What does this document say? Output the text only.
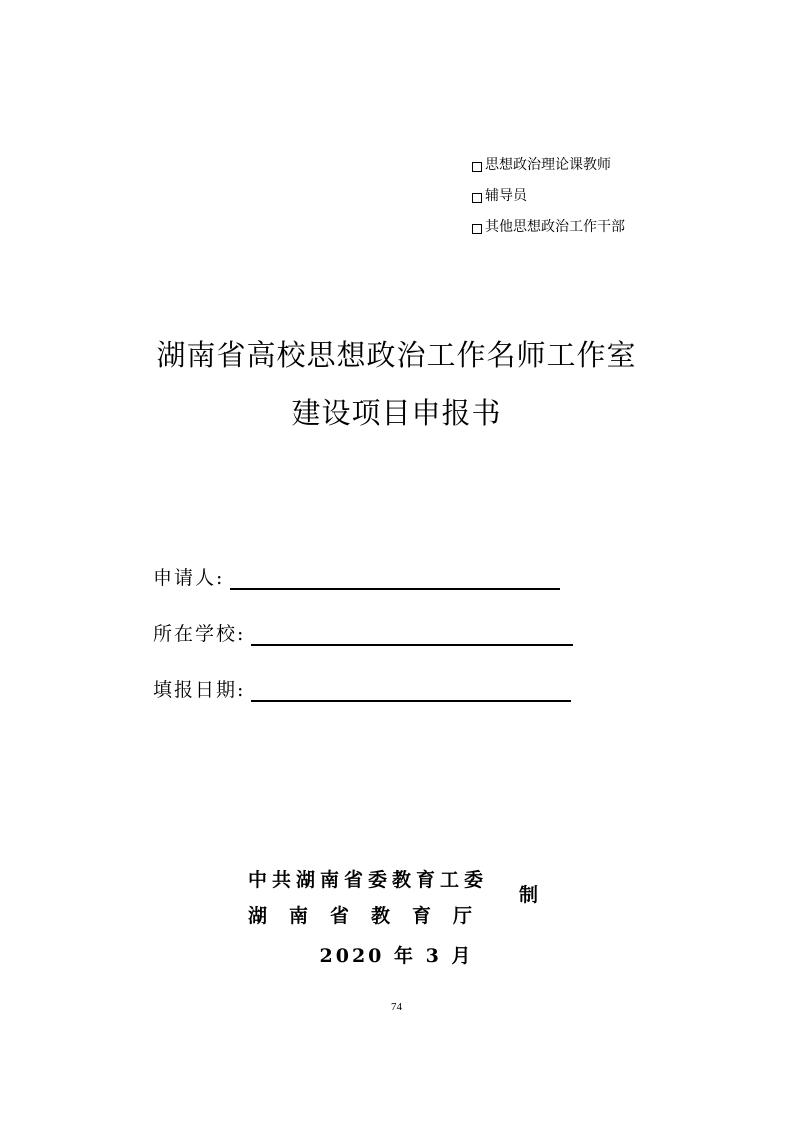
思想政治理论课教师
辅导员
其他思想政治工作干部
湖南省高校思想政治工作名师工作室
建设项目申报书
申请人:
所在学校:
填报日期:
中共湖南省委教育工委
湖南省教育厅
制
2020 年 3 月
74
